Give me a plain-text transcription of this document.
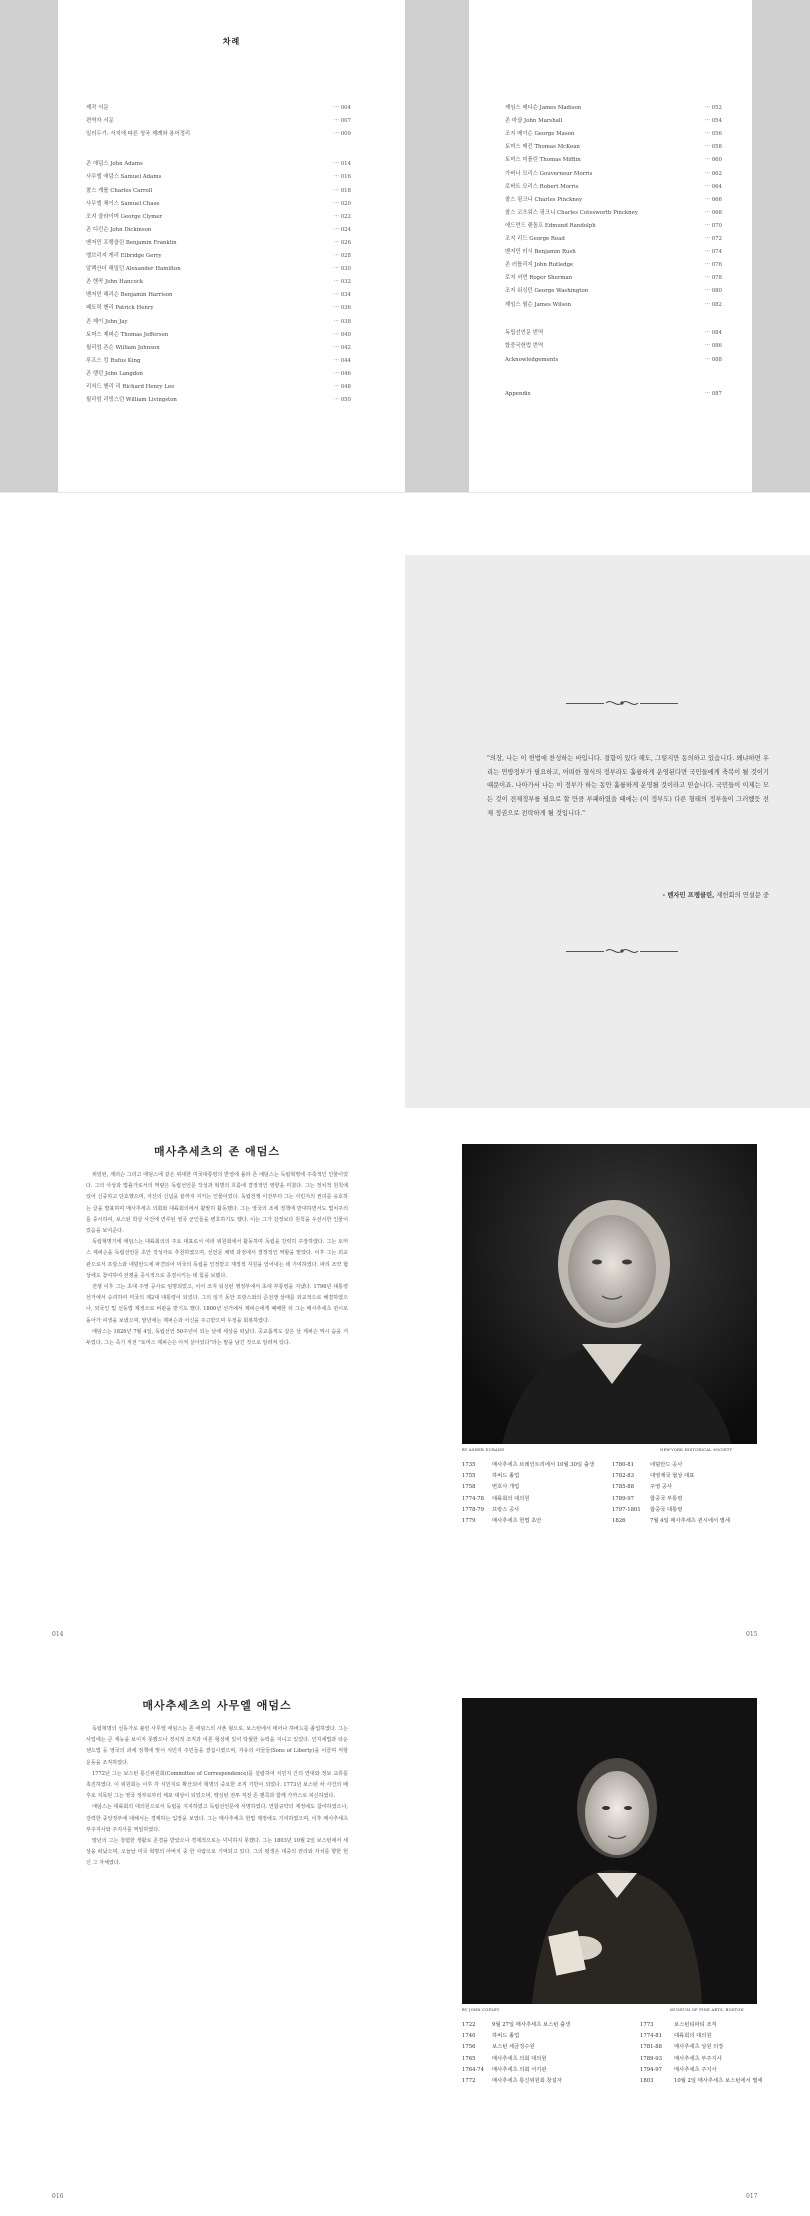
차례
제작 서문	··· 004
편역자 서문	··· 007
일러두기: 서지에 따른 청국 제례와 용어정리	··· 009
존 애덤스 John Adams	··· 014
사무엘 애덤스 Samuel Adams	··· 016
찰스 캐롤 Charles Carroll	··· 018
사무엘 체이스 Samuel Chase	··· 020
조지 클라이머 George Clymer	··· 022
존 디킨슨 John Dickinson	··· 024
벤저민 프랭클린 Benjamin Franklin	··· 026
엘브리지 게리 Elbridge Gerry	··· 028
알렉산더 해밀턴 Alexander Hamilton	··· 030
존 핸콕 John Hancock	··· 032
벤저민 해리슨 Benjamin Harrison	··· 034
패트릭 헨리 Patrick Henry	··· 036
존 제이 John Jay	··· 038
토머스 제퍼슨 Thomas Jefferson	··· 040
윌리엄 존슨 William Johnson	··· 042
루프스 킹 Rufus King	··· 044
존 랭던 John Langdon	··· 046
리처드 헨리 리 Richard Henry Lee	··· 048
윌리엄 리빙스턴 William Livingston	··· 050
제임스 매디슨 James Madison	··· 052
존 마샬 John Marshall	··· 054
조지 메이슨 George Mason	··· 056
토머스 매킨 Thomas McKean	··· 058
토머스 미플린 Thomas Mifflin	··· 060
가버너 모리스 Gouverneur Morris	··· 062
로버트 모리스 Robert Morris	··· 064
찰스 핑크니 Charles Pinckney	··· 066
찰스 코츠워스 핑크니 Charles Cotesworth Pinckney	··· 068
에드먼드 랜돌프 Edmund Randolph	··· 070
조지 리드 George Read	··· 072
벤저민 러시 Benjamin Rush	··· 074
존 러틀리지 John Rutledge	··· 076
로저 셔먼 Roger Sherman	··· 078
조지 워싱턴 George Washington	··· 080
제임스 윌슨 James Wilson	··· 082
독립선언문 번역	··· 084
합중국헌법 번역	··· 086
Acknowledgements	··· 088
Appendix	··· 087
"의장, 나는 이 헌법에 찬성하는 바입니다. 결함이 있다 해도, 그렇지만 동의하고 있습니다. 왜냐하면 우리는 연방정부가 필요하고, 어떠한 형식의 정부라도 훌륭하게 운영된다면 국민들에게 축복이 될 것이기 때문이죠. 나아가서 나는 이 정부가 하는 동안 훌륭하게 운영될 것이라고 믿습니다. 국민들이 이제는 모든 것이 전제정부를 필요로 할 만큼 부패하였을 때에는 (이 정부도) 다른 형태의 정부들이 그러했듯 전제 정권으로 전락하게 될 것입니다."
- 벤자민 프랭클린, 제헌회의 연설문 중
매사추세츠의 존 애덤스

위일턴, 제러슨 그리고 애덤스에 같은 위대한 미국대통령의 반열에 올라 존 애덤스는 독립혁명에 주축적인 인물이었다. 그의 사상과 법률가로서의 역량은 독립선언문 작성과 혁명의 흐름에 결정적인 영향을 미쳤다. 그는 정치적 원칙에 있어 신중하고 단호했으며, 자신의 신념을 끝까지 지키는 인물이었다. 독립전쟁 이전부터 그는 식민지의 권리를 옹호하는 글을 발표하며 매사추세츠 의회와 대륙회의에서 활발히 활동했다. 그는 영국의 조세 정책에 반대하면서도 법치주의를 중시하여, 보스턴 학살 사건에 연루된 영국 군인들을 변호하기도 했다. 이는 그가 감정보다 원칙을 우선시한 인물이었음을 보여준다.

독립혁명기에 애덤스는 대륙회의의 주요 대표로서 여러 위원회에서 활동하며 독립을 강력히 주장하였다. 그는 토머스 제퍼슨을 독립선언문 초안 작성자로 추천하였으며, 선언문 채택 과정에서 결정적인 역할을 맡았다. 이후 그는 외교관으로서 프랑스와 네덜란드에 파견되어 미국의 독립을 인정받고 재정적 지원을 얻어내는 데 기여하였다. 파리 조약 협상에도 참여하여 전쟁을 공식적으로 종결시키는 데 힘을 보탰다.

전쟁 이후 그는 초대 주영 공사로 임명되었고, 이어 조지 워싱턴 행정부에서 초대 부통령을 지냈다. 1796년 대통령 선거에서 승리하여 미국의 제2대 대통령이 되었다. 그의 임기 동안 프랑스와의 준전쟁 상태를 외교적으로 해결하였으나, 외국인 및 선동법 제정으로 비판을 받기도 했다. 1800년 선거에서 제퍼슨에게 패배한 뒤 그는 매사추세츠 퀸시로 돌아가 여생을 보냈으며, 말년에는 제퍼슨과 서신을 주고받으며 우정을 회복하였다.

애덤스는 1826년 7월 4일, 독립선언 50주년이 되는 날에 세상을 떠났다. 공교롭게도 같은 날 제퍼슨 역시 숨을 거두었다. 그는 죽기 직전 "토머스 제퍼슨은 아직 살아있다"라는 말을 남긴 것으로 알려져 있다.

014
BY ASHER DURAND	NEW-YORK HISTORICAL SOCIETY
1735	매사추세츠 브레인트리에서 10월 30일 출생
1755	하버드 졸업
1758	변호사 개업
1774-78 대륙회의 대의원
1778-79 프랑스 공사
1779	매사추세츠 헌법 초안
1780-81	네덜란드 공사
1782-83	대영제국 협상 대표
1785-88	주영 공사
1789-97	합중국 부통령
1797-1801 합중국 대통령
1826	7월 4일 매사추세츠 퀸시에서 별세
015
매사추세츠의 사무엘 애덤스

독립혁명의 선동가로 불린 사무엘 애덤스는 존 애덤스의 사촌 형으로, 보스턴에서 태어나 하버드를 졸업하였다. 그는 사업에는 큰 재능을 보이지 못했으나 정치적 조직과 여론 형성에 있어 탁월한 능력을 지니고 있었다. 인지세법과 타운센드법 등 영국의 과세 정책에 맞서 식민지 주민들을 결집시켰으며, 자유의 아들들(Sons of Liberty)을 이끌며 저항 운동을 조직하였다.

1772년 그는 보스턴 통신위원회(Committee of Correspondence)를 설립하여 식민지 간의 연대와 정보 교류를 촉진하였다. 이 위원회는 이후 각 식민지로 확산되어 혁명의 중요한 조직 기반이 되었다. 1773년 보스턴 차 사건의 배후로 지목된 그는 영국 정부로부터 체포 대상이 되었으며, 렉싱턴 전투 직전 존 핸콕과 함께 가까스로 피신하였다.

애덤스는 대륙회의 대의원으로서 독립을 지지하였고 독립선언문에 서명하였다. 연합규약의 제정에도 참여하였으나, 강력한 중앙정부에 대해서는 경계하는 입장을 보였다. 그는 매사추세츠 헌법 제정에도 기여하였으며, 이후 매사추세츠 부주지사와 주지사를 역임하였다.

말년의 그는 청렴한 생활로 존경을 받았으나 경제적으로는 넉넉하지 못했다. 그는 1803년 10월 2일 보스턴에서 세상을 떠났으며, 오늘날 미국 혁명의 아버지 중 한 사람으로 기억되고 있다. 그의 평생은 대중의 권리와 자치를 향한 헌신 그 자체였다.

016
BY JOHN COPLEY	MUSEUM OF FINE ARTS, BOSTON
1722	9월 27일 매사추세츠 보스턴 출생
1740	하버드 졸업
1756	보스턴 세금징수원
1765	매사추세츠 의회 대의원
1764-74 매사추세츠 의회 서기관
1772	매사추세츠 통신위원회 창설자
1773	보스턴티파티 조직
1774-81 대륙회의 대의원
1781-88 매사추세츠 상원 의장
1789-93 매사추세츠 부주지사
1794-97 매사추세츠 주지사
1803	10월 2일 매사추세츠 보스턴에서 별세
017
